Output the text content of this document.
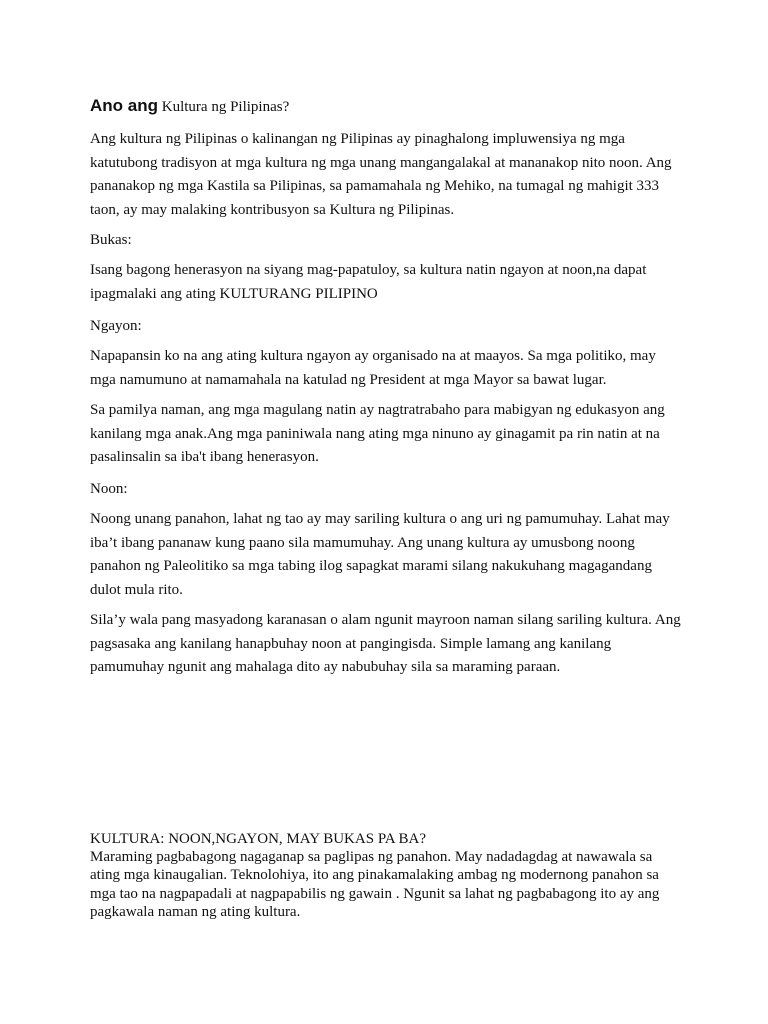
Ano ang Kultura ng Pilipinas?

Ang kultura ng Pilipinas o kalinangan ng Pilipinas ay pinaghalong impluwensiya ng mga katutubong tradisyon at mga kultura ng mga unang mangangalakal at mananakop nito noon. Ang pananakop ng mga Kastila sa Pilipinas, sa pamamahala ng Mehiko, na tumagal ng mahigit 333 taon, ay may malaking kontribusyon sa Kultura ng Pilipinas.

Bukas:

Isang bagong henerasyon na siyang mag-papatuloy, sa kultura natin ngayon at noon,na dapat ipagmalaki ang ating KULTURANG PILIPINO

Ngayon:

Napapansin ko na ang ating kultura ngayon ay organisado na at maayos. Sa mga politiko, may mga namumuno at namamahala na katulad ng President at mga Mayor sa bawat lugar.

Sa pamilya naman, ang mga magulang natin ay nagtratrabaho para mabigyan ng edukasyon ang kanilang mga anak.Ang mga paniniwala nang ating mga ninuno ay ginagamit pa rin natin at na pasalinsalin sa iba't ibang henerasyon.

Noon:

Noong unang panahon, lahat ng tao ay may sariling kultura o ang uri ng pamumuhay. Lahat may iba’t ibang pananaw kung paano sila mamumuhay. Ang unang kultura ay umusbong noong panahon ng Paleolitiko sa mga tabing ilog sapagkat marami silang nakukuhang magagandang dulot mula rito.

Sila’y wala pang masyadong karanasan o alam ngunit mayroon naman silang sariling kultura. Ang pagsasaka ang kanilang hanapbuhay noon at pangingisda. Simple lamang ang kanilang pamumuhay ngunit ang mahalaga dito ay nabubuhay sila sa maraming paraan.

KULTURA: NOON,NGAYON, MAY BUKAS PA BA?

Maraming pagbabagong nagaganap sa paglipas ng panahon. May nadadagdag at nawawala sa ating mga kinaugalian. Teknolohiya, ito ang pinakamalaking ambag ng modernong panahon sa mga tao na nagpapadali at nagpapabilis ng gawain . Ngunit sa lahat ng pagbabagong ito ay ang pagkawala naman ng ating kultura.
